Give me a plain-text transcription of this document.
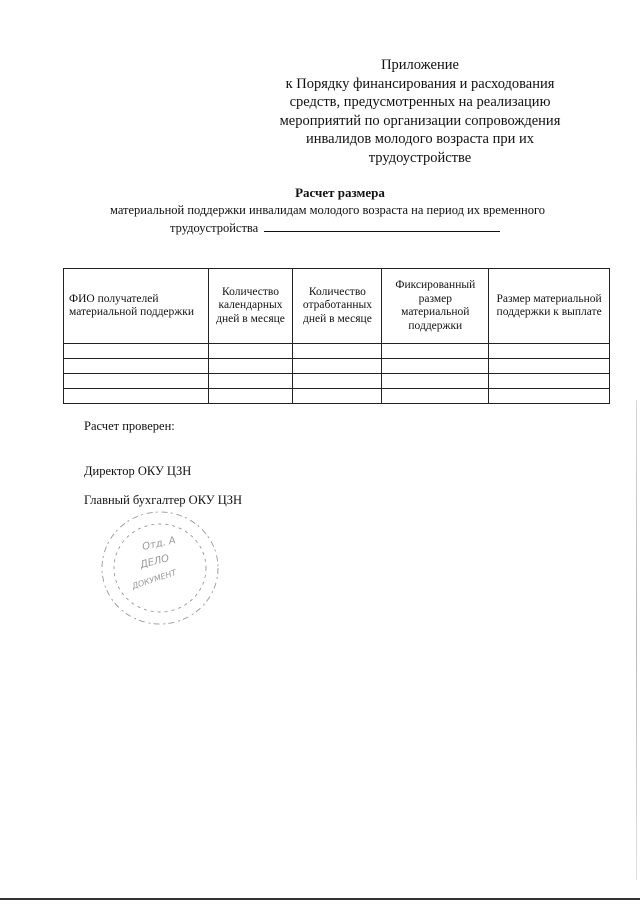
Приложение
к Порядку финансирования и расходования
средств, предусмотренных на реализацию
мероприятий по организации сопровождения
инвалидов молодого возраста при их
трудоустройстве
Расчет размера
материальной поддержки инвалидам молодого возраста на период их временного
трудоустройства
ФИО получателей материальной поддержки	Количество календарных дней в месяце	Количество отработанных дней в месяце	Фиксированный размер материальной поддержки	Размер материальной поддержки к выплате

Расчет проверен:
Директор ОКУ ЦЗН
Главный бухгалтер ОКУ ЦЗН
Отд. А
ДЕЛО
ДОКУМЕНТ
